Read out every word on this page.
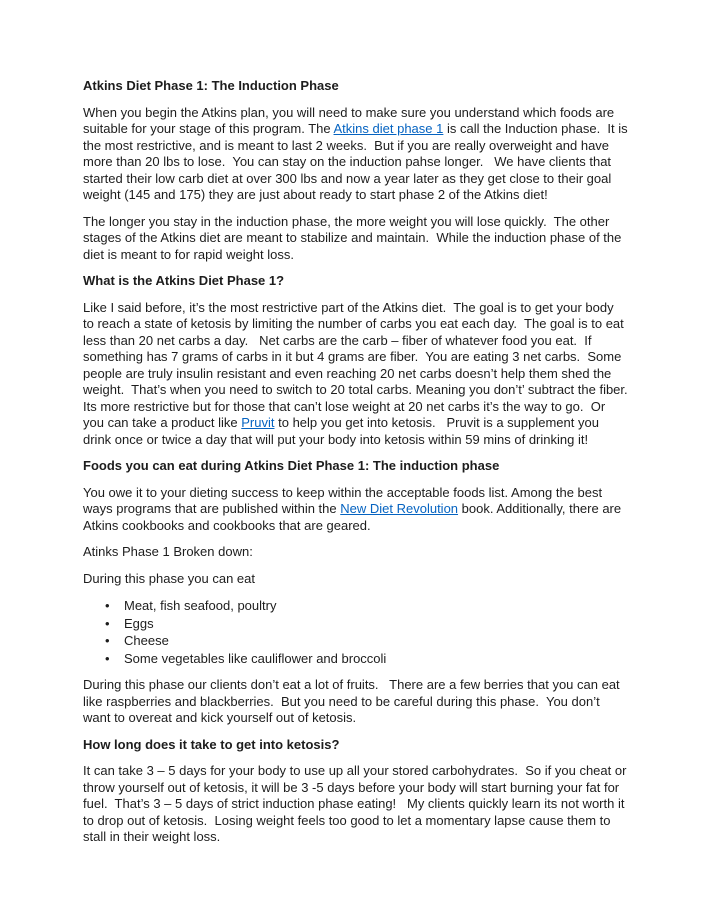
Atkins Diet Phase 1: The Induction Phase

When you begin the Atkins plan, you will need to make sure you understand which foods are suitable for your stage of this program. The Atkins diet phase 1 is call the Induction phase.  It is the most restrictive, and is meant to last 2 weeks.  But if you are really overweight and have more than 20 lbs to lose.  You can stay on the induction pahse longer.   We have clients that started their low carb diet at over 300 lbs and now a year later as they get close to their goal weight (145 and 175) they are just about ready to start phase 2 of the Atkins diet!

The longer you stay in the induction phase, the more weight you will lose quickly.  The other stages of the Atkins diet are meant to stabilize and maintain.  While the induction phase of the diet is meant to for rapid weight loss.

What is the Atkins Diet Phase 1?

Like I said before, it’s the most restrictive part of the Atkins diet.  The goal is to get your body to reach a state of ketosis by limiting the number of carbs you eat each day.  The goal is to eat less than 20 net carbs a day.   Net carbs are the carb – fiber of whatever food you eat.  If something has 7 grams of carbs in it but 4 grams are fiber.  You are eating 3 net carbs.  Some people are truly insulin resistant and even reaching 20 net carbs doesn’t help them shed the weight.  That’s when you need to switch to 20 total carbs. Meaning you don’t’ subtract the fiber.  Its more restrictive but for those that can’t lose weight at 20 net carbs it’s the way to go.  Or you can take a product like Pruvit to help you get into ketosis.   Pruvit is a supplement you drink once or twice a day that will put your body into ketosis within 59 mins of drinking it!

Foods you can eat during Atkins Diet Phase 1: The induction phase

You owe it to your dieting success to keep within the acceptable foods list. Among the best ways programs that are published within the New Diet Revolution book. Additionally, there are Atkins cookbooks and cookbooks that are geared.

Atinks Phase 1 Broken down:

During this phase you can eat

• Meat, fish seafood, poultry
• Eggs
• Cheese
• Some vegetables like cauliflower and broccoli

During this phase our clients don’t eat a lot of fruits.   There are a few berries that you can eat like raspberries and blackberries.  But you need to be careful during this phase.  You don’t want to overeat and kick yourself out of ketosis.

How long does it take to get into ketosis?

It can take 3 – 5 days for your body to use up all your stored carbohydrates.  So if you cheat or throw yourself out of ketosis, it will be 3 -5 days before your body will start burning your fat for fuel.  That’s 3 – 5 days of strict induction phase eating!   My clients quickly learn its not worth it to drop out of ketosis.  Losing weight feels too good to let a momentary lapse cause them to stall in their weight loss.
